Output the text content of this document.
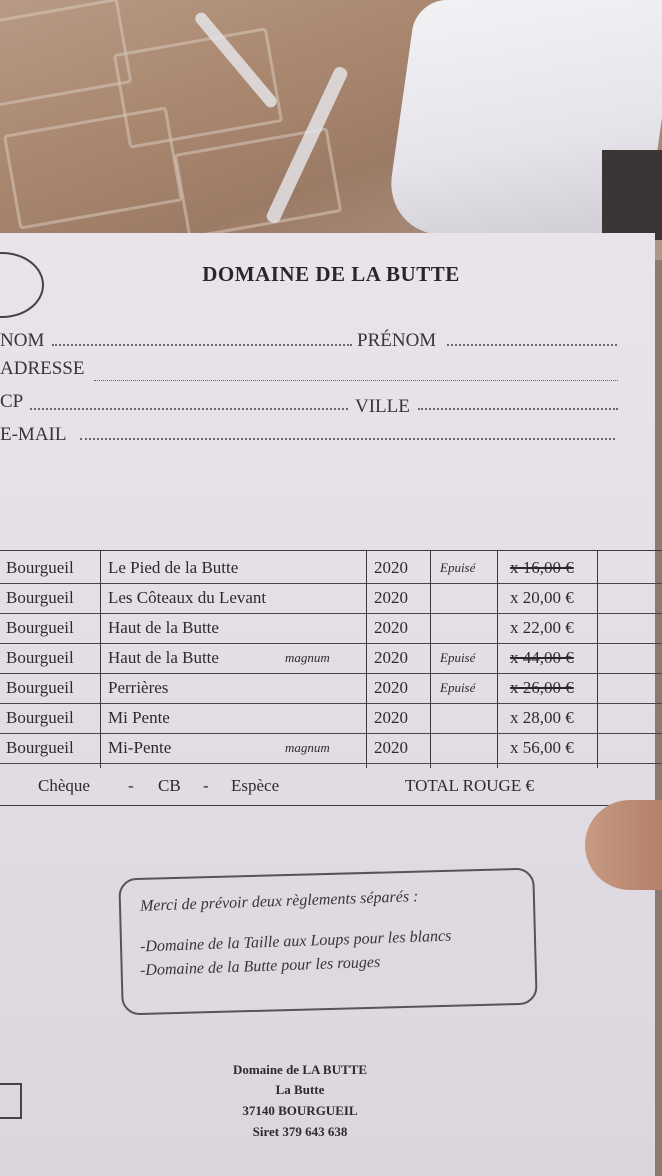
DOMAINE DE LA BUTTE
NOM	PRÉNOM
ADRESSE
CP	VILLE
E-MAIL
Bourgueil Le Pied de la Butte	2020 Epuisé x 16,00 €
Bourgueil Les Côteaux du Levant	2020	x 20,00 €
Bourgueil Haut de la Butte	2020	x 22,00 €
Bourgueil Haut de la Butte	magnum	2020 Epuisé x 44,00 €
Bourgueil Perrières	2020 Epuisé x 26,00 €
Bourgueil Mi Pente	2020	x 28,00 €
Bourgueil Mi-Pente	magnum	2020	x 56,00 €
Chèque - CB - Espèce	TOTAL ROUGE €
Merci de prévoir deux règlements séparés :
-Domaine de la Taille aux Loups pour les blancs
-Domaine de la Butte pour les rouges
Domaine de LA BUTTE
La Butte
37140 BOURGUEIL
Siret 379 643 638
